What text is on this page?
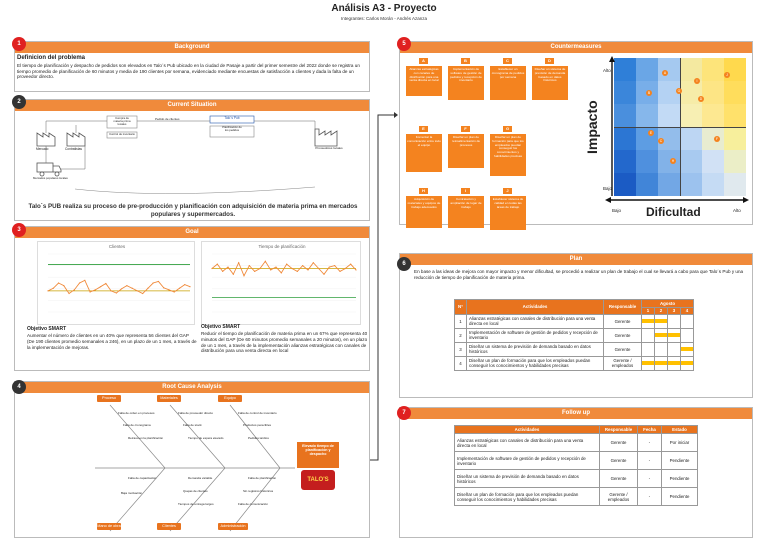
Análisis A3 - Proyecto
Integrantes: Carlos Morán - Andrés Azanza
1	Background
Definicion del problema
El tiempo de planificación y despacho de pedidos son elevados en Talo´s Pub ubicado en la ciudad de Pasaje a partir del primer semestre del 2022 donde se registra un tiempo promedio de planificación de 60 minutos y media de 190 clientes por semana, evidenciado mediante encuestas de satisfacción a clientes y dada la falta de un proveedor directo.
2	Current Situation
Mercado	Contratistas
Compra de
materia prima
locales
Control de inventario
Talo´s Pub
Planificación de
los pedidos
Pedido de clientes
Proveedores locales
Mercados populares locales
Talo´s PUB realiza su proceso de pre-producción y planificación con adquisición de materia prima en mercados populares y supermercados.
3	Goal
Clientes	Tiempo de planificación
Objetivo SMART
Aumentar el número de clientes en un 40% que representa 56 clientes del GAP (De 190 clientes promedio semanales a 246), en un plazo de un 1 mes, a través de la implementación de mejoras.
Objetivo SMART
Reducir el tiempo de planificación de materia prima en un 67% que representa 40 minutos del GAP (De 60 minutos promedio semanales a 20 minutos), en un plazo de un 1 mes, a través de la implementación alianzas estratégicas con canales de distribución para una venta directa en local
4	Root Cause Analysis
Proceso	Materiales	Equipo
Mano de obra	Clientes	Administración
Falta de orden en procesos
Falta de cronograma
Retraso en la planificación
Falta de proveedor directo
Falta de stock
Tiempo de espera elevado
Falta de control de inventario
Productos perecibles
Pedidos tardíos
Falta de capacitación
Baja motivación
Demanda variable
Quejas de clientes
Tiempos de entrega largos
Falta de planificación
Sin registros históricos
Falta de comunicación
Elevado tiempo de planificación y despacho
TALO'S
5	Countermeasures
A
Alianzas estratégicas con canales de distribución para una venta directa en local
B
Implementación de software de gestión de pedidos y recepción de inventario
C
Establecer un cronograma de pedidos por semana
D
Diseñar un sistema de previsión de demanda basado en datos históricos
E
Fomentar la comunicación entre todo el equipo
F
Diseñar un plan de retroalimentación de procesos
G
Diseñar un plan de formación para que los empleados puedan conseguir los conocimientos y habilidades precisas
H
Adquisición de materiales y equipos de trabajo adecuados
I
Contratación y ampliación de lugar de trabajo
J
Establecer sistema de calidad en todas las áreas de trabajo
Impacto
Alto
Bajo
A	J
B
I
G
D
E
C	F
H
Bajo Dificultad	Alto
6
Plan
En base a las ideas de mejora con mayor impacto y menor dificultad, se procedió a realizar un plan de trabajo el cual se llevará a cabo para que Talo´s Pub y una reducción de tiempo de planificación de materia prima.
N°	Actividades	Responsable	Agosto			
			1	2	3	4
1	Alianzas estratégicas con canales de distribución para una venta directa en local	Gerente	

2	Implementación de software de gestión de pedidos y recepción de inventario	Gerente	

3	Diseñar un sistema de previsión de demanda basado en datos históricos	Gerente	

4	Diseñar un plan de formación para que los empleados puedan conseguir los conocimientos y habilidades precisas	Gerente / empleados	

7	Follow up
Actividades	Responsable	Fecha	Estado
Alianzas estratégicas con canales de distribución para una venta directa en local	Gerente	-	Por iniciar
Implementación de software de gestión de pedidos y recepción de inventario	Gerente	-	Pendiente
Diseñar un sistema de previsión de demanda basado en datos históricos	Gerente	-	Pendiente
Diseñar un plan de formación para que los empleados puedan conseguir los conocimientos y habilidades precisas	Gerente / empleados	-	Pendiente
